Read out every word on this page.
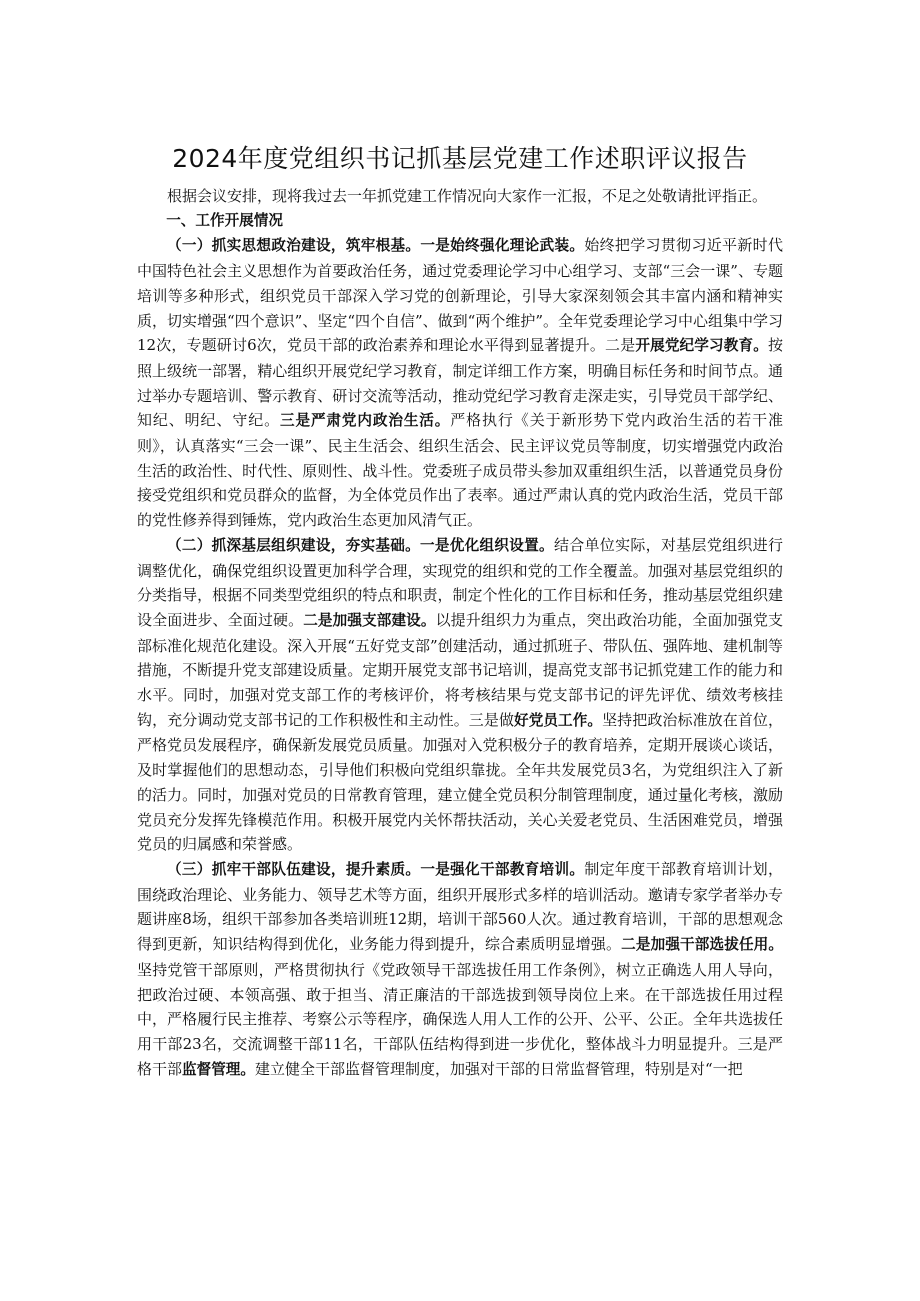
2024年度党组织书记抓基层党建工作述职评议报告

根据会议安排，现将我过去一年抓党建工作情况向大家作一汇报，不足之处敬请批评指正。

一、工作开展情况

（一）抓实思想政治建设，筑牢根基。一是始终强化理论武装。始终把学习贯彻习近平新时代中国特色社会主义思想作为首要政治任务，通过党委理论学习中心组学习、支部“三会一课”、专题培训等多种形式，组织党员干部深入学习党的创新理论，引导大家深刻领会其丰富内涵和精神实质，切实增强“四个意识”、坚定“四个自信”、做到“两个维护”。全年党委理论学习中心组集中学习12次，专题研讨6次，党员干部的政治素养和理论水平得到显著提升。二是开展党纪学习教育。按照上级统一部署，精心组织开展党纪学习教育，制定详细工作方案，明确目标任务和时间节点。通过举办专题培训、警示教育、研讨交流等活动，推动党纪学习教育走深走实，引导党员干部学纪、知纪、明纪、守纪。三是严肃党内政治生活。严格执行《关于新形势下党内政治生活的若干准则》，认真落实“三会一课”、民主生活会、组织生活会、民主评议党员等制度，切实增强党内政治生活的政治性、时代性、原则性、战斗性。党委班子成员带头参加双重组织生活，以普通党员身份接受党组织和党员群众的监督，为全体党员作出了表率。通过严肃认真的党内政治生活，党员干部的党性修养得到锤炼，党内政治生态更加风清气正。

（二）抓深基层组织建设，夯实基础。一是优化组织设置。结合单位实际，对基层党组织进行调整优化，确保党组织设置更加科学合理，实现党的组织和党的工作全覆盖。加强对基层党组织的分类指导，根据不同类型党组织的特点和职责，制定个性化的工作目标和任务，推动基层党组织建设全面进步、全面过硬。二是加强支部建设。以提升组织力为重点，突出政治功能，全面加强党支部标准化规范化建设。深入开展“五好党支部”创建活动，通过抓班子、带队伍、强阵地、建机制等措施，不断提升党支部建设质量。定期开展党支部书记培训，提高党支部书记抓党建工作的能力和水平。同时，加强对党支部工作的考核评价，将考核结果与党支部书记的评先评优、绩效考核挂钩，充分调动党支部书记的工作积极性和主动性。三是做好党员工作。坚持把政治标准放在首位，严格党员发展程序，确保新发展党员质量。加强对入党积极分子的教育培养，定期开展谈心谈话，及时掌握他们的思想动态，引导他们积极向党组织靠拢。全年共发展党员3名，为党组织注入了新的活力。同时，加强对党员的日常教育管理，建立健全党员积分制管理制度，通过量化考核，激励党员充分发挥先锋模范作用。积极开展党内关怀帮扶活动，关心关爱老党员、生活困难党员，增强党员的归属感和荣誉感。

（三）抓牢干部队伍建设，提升素质。一是强化干部教育培训。制定年度干部教育培训计划，围绕政治理论、业务能力、领导艺术等方面，组织开展形式多样的培训活动。邀请专家学者举办专题讲座8场，组织干部参加各类培训班12期，培训干部560人次。通过教育培训，干部的思想观念得到更新，知识结构得到优化，业务能力得到提升，综合素质明显增强。二是加强干部选拔任用。坚持党管干部原则，严格贯彻执行《党政领导干部选拔任用工作条例》，树立正确选人用人导向，把政治过硬、本领高强、敢于担当、清正廉洁的干部选拔到领导岗位上来。在干部选拔任用过程中，严格履行民主推荐、考察公示等程序，确保选人用人工作的公开、公平、公正。全年共选拔任用干部23名，交流调整干部11名，干部队伍结构得到进一步优化，整体战斗力明显提升。三是严格干部监督管理。建立健全干部监督管理制度，加强对干部的日常监督管理，特别是对“一把
